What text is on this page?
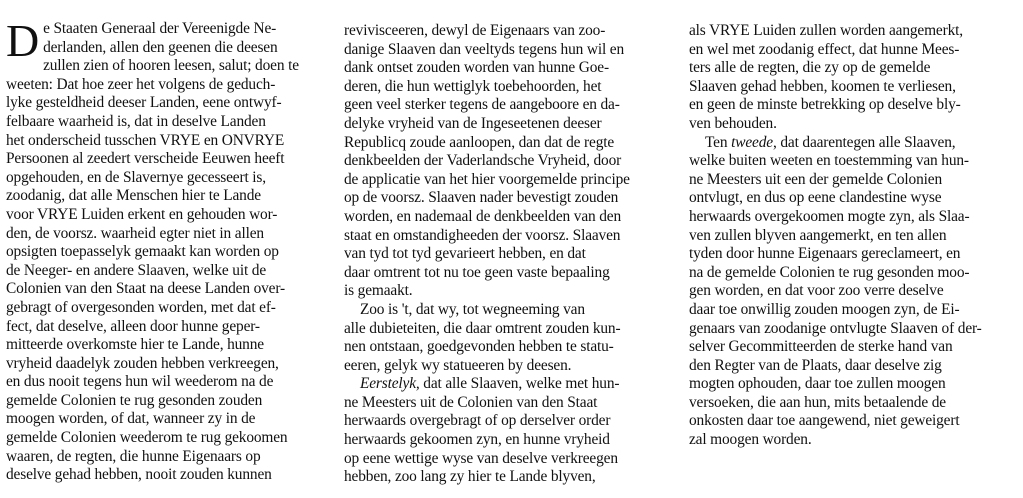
D e Staaten Generaal der Vereenigde Ne-
derlanden, allen den geenen die deesen
zullen zien of hooren leesen, salut; doen te
weeten: Dat hoe zeer het volgens de geduch-
lyke gesteldheid deeser Landen, eene ontwyf-
felbaare waarheid is, dat in deselve Landen
het onderscheid tusschen VRYE en ONVRYE
Persoonen al zeedert verscheide Eeuwen heeft
opgehouden, en de Slavernye gecesseert is,
zoodanig, dat alle Menschen hier te Lande
voor VRYE Luiden erkent en gehouden wor-
den, de voorsz. waarheid egter niet in allen
opsigten toepasselyk gemaakt kan worden op
de Neeger- en andere Slaaven, welke uit de
Colonien van den Staat na deese Landen over-
gebragt of overgesonden worden, met dat ef-
fect, dat deselve, alleen door hunne geper-
mitteerde overkomste hier te Lande, hunne
vryheid daadelyk zouden hebben verkreegen,
en dus nooit tegens hun wil weederom na de
gemelde Colonien te rug gesonden zouden
moogen worden, of dat, wanneer zy in de
gemelde Colonien weederom te rug gekoomen
waaren, de regten, die hunne Eigenaars op
deselve gehad hebben, nooit zouden kunnen
revivisceeren, dewyl de Eigenaars van zoo-
danige Slaaven dan veeltyds tegens hun wil en
dank ontset zouden worden van hunne Goe-
deren, die hun wettiglyk toebehoorden, het
geen veel sterker tegens de aangeboore en da-
delyke vryheid van de Ingeseetenen deeser
Republicq zoude aanloopen, dan dat de regte
denkbeelden der Vaderlandsche Vryheid, door
de applicatie van het hier voorgemelde principe
op de voorsz. Slaaven nader bevestigt zouden
worden, en nademaal de denkbeelden van den
staat en omstandigheeden der voorsz. Slaaven
van tyd tot tyd gevarieert hebben, en dat
daar omtrent tot nu toe geen vaste bepaaling
is gemaakt.
Zoo is 't, dat wy, tot wegneeming van
alle dubieteiten, die daar omtrent zouden kun-
nen ontstaan, goedgevonden hebben te statu-
eeren, gelyk wy statueeren by deesen.
Eerstelyk, dat alle Slaaven, welke met hun-
ne Meesters uit de Colonien van den Staat
herwaards overgebragt of op derselver order
herwaards gekoomen zyn, en hunne vryheid
op eene wettige wyse van deselve verkreegen
hebben, zoo lang zy hier te Lande blyven,
als VRYE Luiden zullen worden aangemerkt,
en wel met zoodanig effect, dat hunne Mees-
ters alle de regten, die zy op de gemelde
Slaaven gehad hebben, koomen te verliesen,
en geen de minste betrekking op deselve bly-
ven behouden.
Ten tweede, dat daarentegen alle Slaaven,
welke buiten weeten en toestemming van hun-
ne Meesters uit een der gemelde Colonien
ontvlugt, en dus op eene clandestine wyse
herwaards overgekoomen mogte zyn, als Slaa-
ven zullen blyven aangemerkt, en ten allen
tyden door hunne Eigenaars gereclameert, en
na de gemelde Colonien te rug gesonden moo-
gen worden, en dat voor zoo verre deselve
daar toe onwillig zouden moogen zyn, de Ei-
genaars van zoodanige ontvlugte Slaaven of der-
selver Gecommitteerden de sterke hand van
den Regter van de Plaats, daar deselve zig
mogten ophouden, daar toe zullen moogen
versoeken, die aan hun, mits betaalende de
onkosten daar toe aangewend, niet geweigert
zal moogen worden.
